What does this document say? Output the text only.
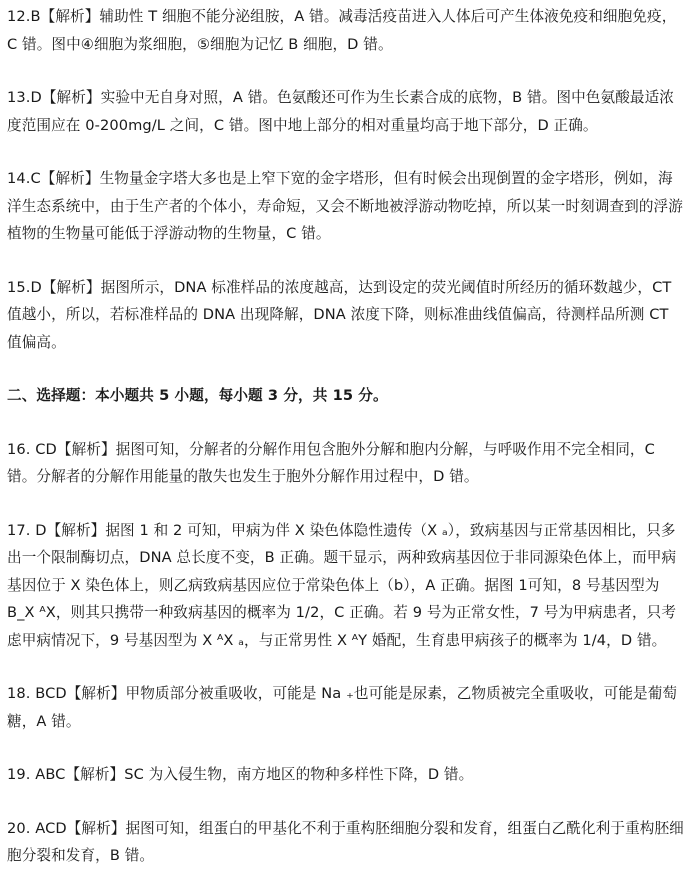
12.B【解析】辅助性 T 细胞不能分泌组胺，A 错。减毒活疫苗进入人体后可产生体液免疫和细胞免疫，C 错。图中④细胞为浆细胞，⑤细胞为记忆 B 细胞，D 错。

13.D【解析】实验中无自身对照，A 错。色氨酸还可作为生长素合成的底物，B 错。图中色氨酸最适浓度范围应在 0-200mg/L 之间，C 错。图中地上部分的相对重量均高于地下部分，D 正确。

14.C【解析】生物量金字塔大多也是上窄下宽的金字塔形，但有时候会出现倒置的金字塔形，例如，海洋生态系统中，由于生产者的个体小，寿命短，又会不断地被浮游动物吃掉，所以某一时刻调查到的浮游植物的生物量可能低于浮游动物的生物量，C 错。

15.D【解析】据图所示，DNA 标准样品的浓度越高，达到设定的荧光阈值时所经历的循环数越少，CT 值越小，所以，若标准样品的 DNA 出现降解，DNA 浓度下降，则标准曲线值偏高，待测样品所测 CT 值偏高。

二、选择题：本小题共 5 小题，每小题 3 分，共 15 分。

16. CD【解析】据图可知，分解者的分解作用包含胞外分解和胞内分解，与呼吸作用不完全相同，C 错。分解者的分解作用能量的散失也发生于胞外分解作用过程中，D 错。

17. D【解析】据图 1 和 2 可知，甲病为伴 X 染色体隐性遗传（X ₐ），致病基因与正常基因相比，只多出一个限制酶切点，DNA 总长度不变，B 正确。题干显示，两种致病基因位于非同源染色体上，而甲病基因位于 X 染色体上，则乙病致病基因应位于常染色体上（b），A 正确。据图 1可知，8 号基因型为 B_X ᴬX，则其只携带一种致病基因的概率为 1/2，C 正确。若 9 号为正常女性，7 号为甲病患者，只考虑甲病情况下，9 号基因型为 X ᴬX ₐ，与正常男性 X ᴬY 婚配，生育患甲病孩子的概率为 1/4，D 错。

18. BCD【解析】甲物质部分被重吸收，可能是 Na ₊也可能是尿素，乙物质被完全重吸收，可能是葡萄糖，A 错。

19. ABC【解析】SC 为入侵生物，南方地区的物种多样性下降，D 错。

20. ACD【解析】据图可知，组蛋白的甲基化不利于重构胚细胞分裂和发育，组蛋白乙酰化利于重构胚细胞分裂和发育，B 错。
